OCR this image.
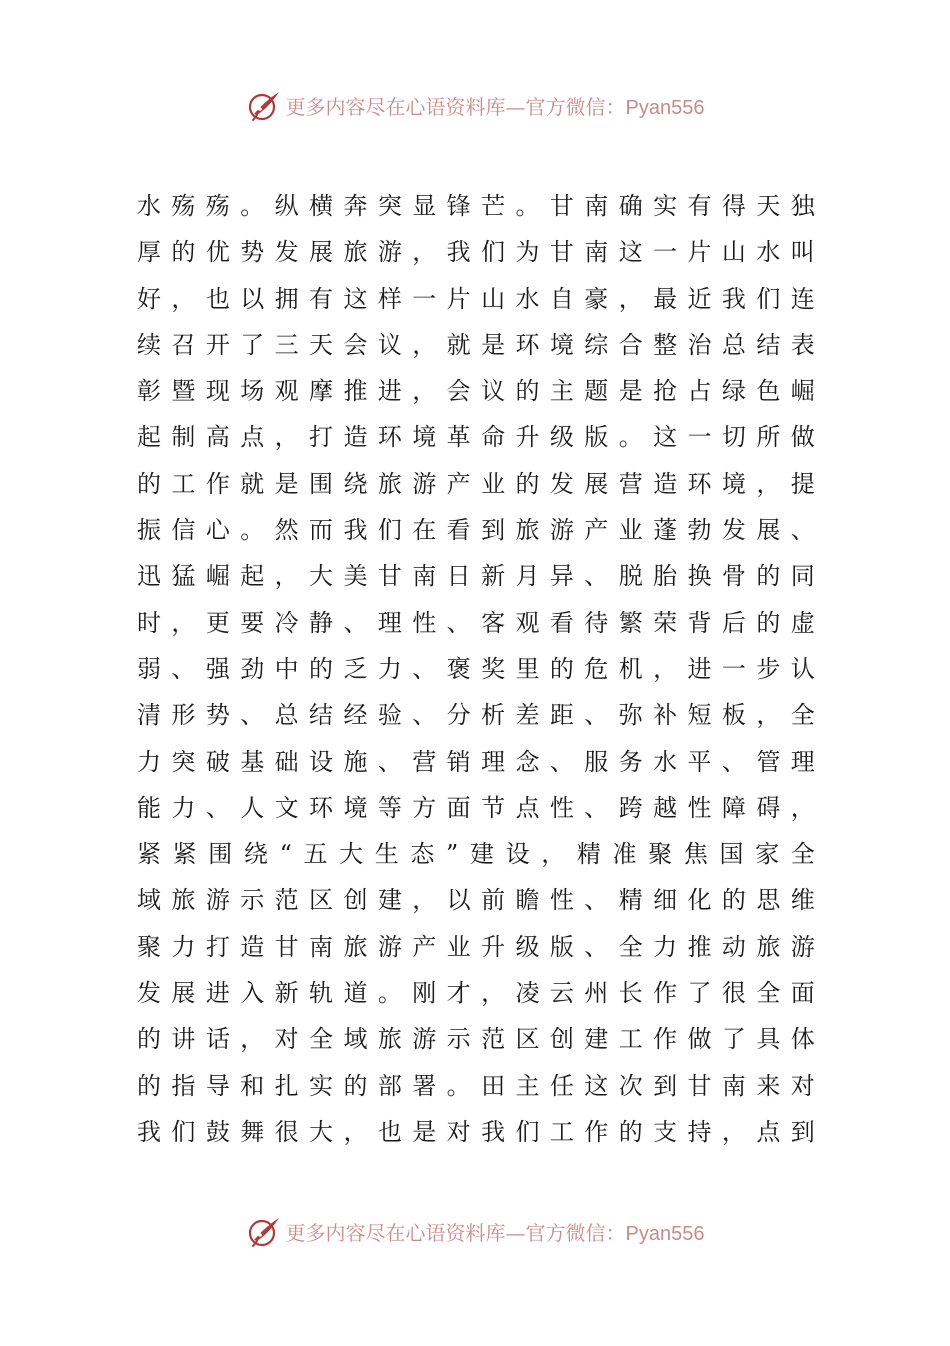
更多内容尽在心语资料库—官方微信：Pyan556
水 殇 殇 。 纵 横 奔 突 显 锋 芒 。 甘 南 确 实 有 得 天 独
厚 的 优 势 发 展 旅 游 ， 我 们 为 甘 南 这 一 片 山 水 叫
好 ， 也 以 拥 有 这 样 一 片 山 水 自 豪 ， 最 近 我 们 连
续 召 开 了 三 天 会 议 ， 就 是 环 境 综 合 整 治 总 结 表
彰 暨 现 场 观 摩 推 进 ， 会 议 的 主 题 是 抢 占 绿 色 崛
起 制 高 点 ， 打 造 环 境 革 命 升 级 版 。 这 一 切 所 做
的 工 作 就 是 围 绕 旅 游 产 业 的 发 展 营 造 环 境 ， 提
振 信 心 。 然 而 我 们 在 看 到 旅 游 产 业 蓬 勃 发 展 、
迅 猛 崛 起 ， 大 美 甘 南 日 新 月 异 、 脱 胎 换 骨 的 同
时 ， 更 要 冷 静 、 理 性 、 客 观 看 待 繁 荣 背 后 的 虚
弱 、 强 劲 中 的 乏 力 、 褒 奖 里 的 危 机 ， 进 一 步 认
清 形 势 、 总 结 经 验 、 分 析 差 距 、 弥 补 短 板 ， 全
力 突 破 基 础 设 施 、 营 销 理 念 、 服 务 水 平 、 管 理
能 力 、 人 文 环 境 等 方 面 节 点 性 、 跨 越 性 障 碍 ，
紧 紧 围 绕 “ 五 大 生 态 ” 建 设 ， 精 准 聚 焦 国 家 全
域 旅 游 示 范 区 创 建 ， 以 前 瞻 性 、 精 细 化 的 思 维
聚 力 打 造 甘 南 旅 游 产 业 升 级 版 、 全 力 推 动 旅 游
发 展 进 入 新 轨 道 。 刚 才 ， 凌 云 州 长 作 了 很 全 面
的 讲 话 ， 对 全 域 旅 游 示 范 区 创 建 工 作 做 了 具 体
的 指 导 和 扎 实 的 部 署 。 田 主 任 这 次 到 甘 南 来 对
我 们 鼓 舞 很 大 ， 也 是 对 我 们 工 作 的 支 持 ， 点 到
更多内容尽在心语资料库—官方微信：Pyan556
